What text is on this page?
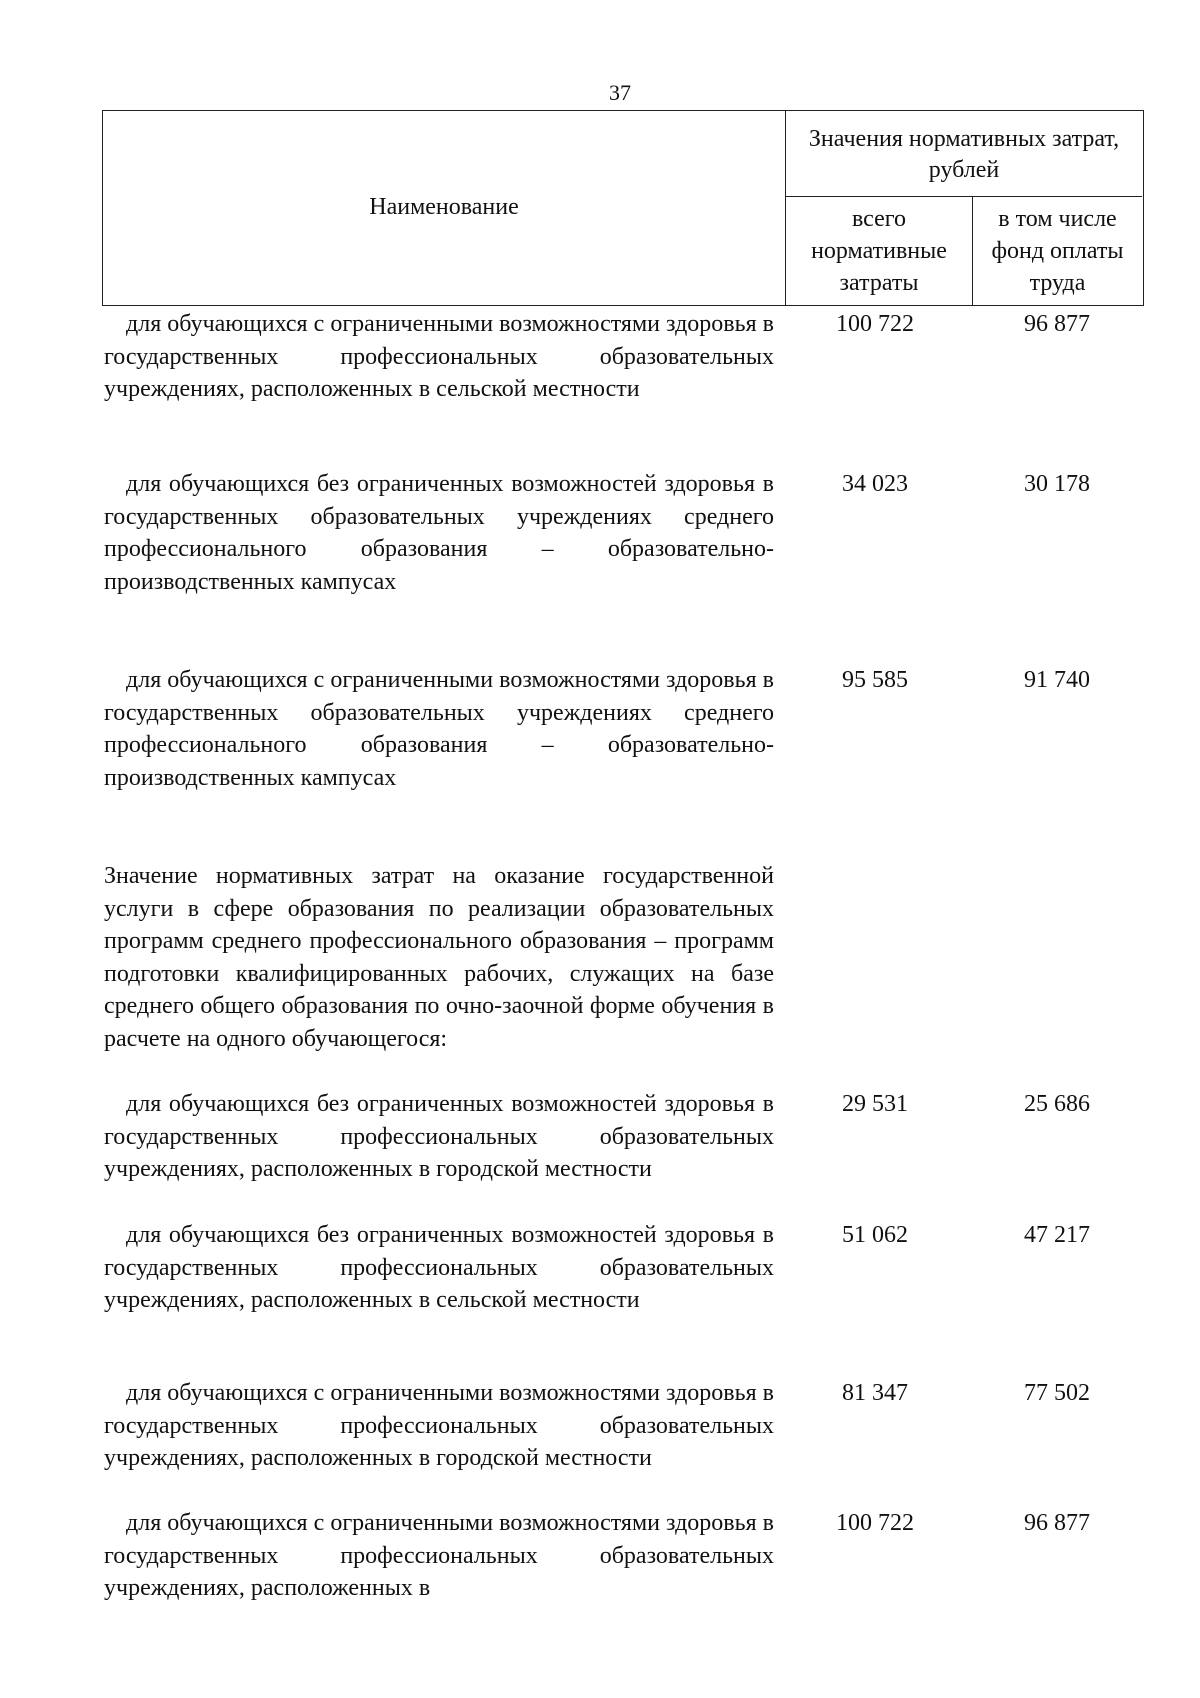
37
Наименование
Значения нормативных затрат, рублей
всего нормативные затраты
в том числе фонд оплаты труда
для обучающихся с ограниченными возможностями здоровья в государственных профессиональных образовательных учреждениях, расположенных в сельской местности
100 722	96 877
для обучающихся без ограниченных возможностей здоровья в государственных образовательных учреждениях среднего профессионального образования – образовательно-производственных кампусах
34 023	30 178
для обучающихся с ограниченными возможностями здоровья в государственных образовательных учреждениях среднего профессионального образования – образовательно-производственных кампусах
95 585	91 740
Значение нормативных затрат на оказание государственной услуги в сфере образования по реализации образовательных программ среднего профессионального образования – программ подготовки квалифицированных рабочих, служащих на базе среднего общего образования по очно-заочной форме обучения в расчете на одного обучающегося:
для обучающихся без ограниченных возможностей здоровья в государственных профессиональных образовательных учреждениях, расположенных в городской местности
29 531	25 686
для обучающихся без ограниченных возможностей здоровья в государственных профессиональных образовательных учреждениях, расположенных в сельской местности
51 062	47 217
для обучающихся с ограниченными возможностями здоровья в государственных профессиональных образовательных учреждениях, расположенных в городской местности
81 347	77 502
для обучающихся с ограниченными возможностями здоровья в государственных профессиональных образовательных учреждениях, расположенных в
100 722	96 877
